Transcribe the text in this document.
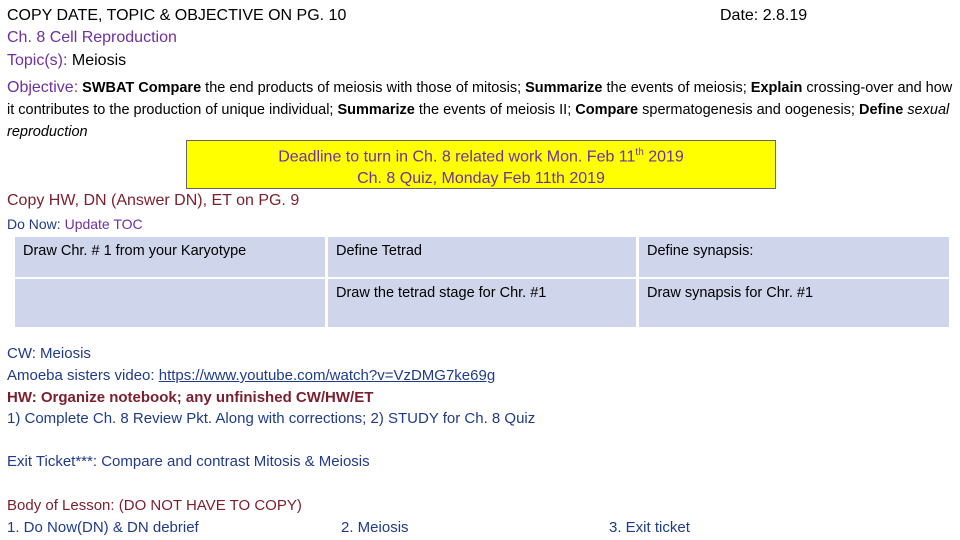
COPY DATE, TOPIC & OBJECTIVE ON PG. 10	Date: 2.8.19
Ch. 8 Cell Reproduction
Topic(s): Meiosis
Objective: SWBAT Compare the end products of meiosis with those of mitosis; Summarize the events of meiosis; Explain crossing-over and how it contributes to the production of unique individual; Summarize the events of meiosis II; Compare spermatogenesis and oogenesis; Define sexual reproduction
Deadline to turn in Ch. 8 related work Mon. Feb 11th 2019
Ch. 8 Quiz, Monday Feb 11th 2019
Copy HW, DN (Answer DN), ET on PG. 9
Do Now: Update TOC
Draw Chr. # 1 from your Karyotype	Define Tetrad	Define synapsis:
	Draw the tetrad stage for Chr. #1	Draw synapsis for Chr. #1
CW: Meiosis
Amoeba sisters video: https://www.youtube.com/watch?v=VzDMG7ke69g
HW: Organize notebook; any unfinished CW/HW/ET
1) Complete Ch. 8 Review Pkt. Along with corrections; 2) STUDY for Ch. 8 Quiz
Exit Ticket***: Compare and contrast Mitosis & Meiosis
Body of Lesson: (DO NOT HAVE TO COPY)
1. Do Now(DN) & DN debrief	2. Meiosis	3. Exit ticket
